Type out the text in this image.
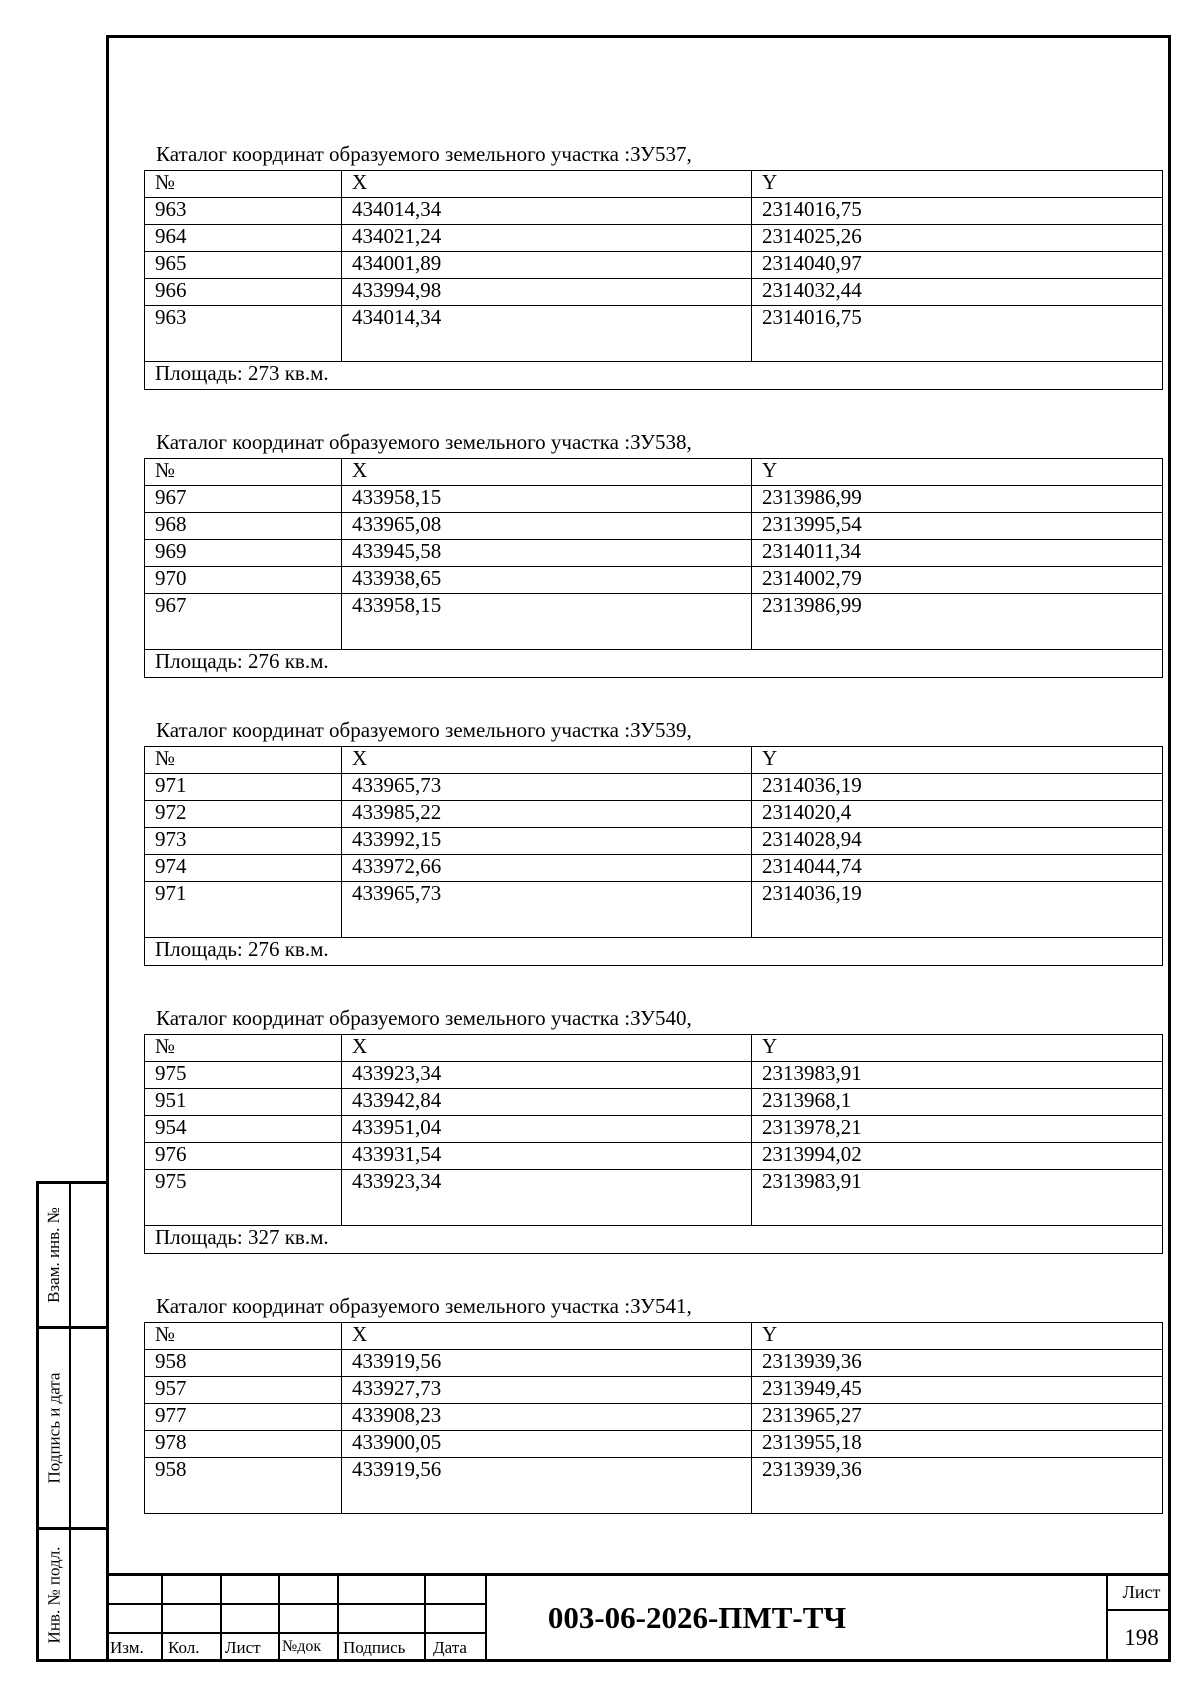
Каталог координат образуемого земельного участка :ЗУ537,
№	X	Y
963	434014,34	2314016,75
964	434021,24	2314025,26
965	434001,89	2314040,97
966	433994,98	2314032,44
963	434014,34	2314016,75
Площадь: 273 кв.м.		
Каталог координат образуемого земельного участка :ЗУ538,
№	X	Y
967	433958,15	2313986,99
968	433965,08	2313995,54
969	433945,58	2314011,34
970	433938,65	2314002,79
967	433958,15	2313986,99
Площадь: 276 кв.м.		
Каталог координат образуемого земельного участка :ЗУ539,
№	X	Y
971	433965,73	2314036,19
972	433985,22	2314020,4
973	433992,15	2314028,94
974	433972,66	2314044,74
971	433965,73	2314036,19
Площадь: 276 кв.м.		
Каталог координат образуемого земельного участка :ЗУ540,
№	X	Y
975	433923,34	2313983,91
951	433942,84	2313968,1
954	433951,04	2313978,21
976	433931,54	2313994,02
975	433923,34	2313983,91
Площадь: 327 кв.м.		
Каталог координат образуемого земельного участка :ЗУ541,
№	X	Y
958	433919,56	2313939,36
957	433927,73	2313949,45
977	433908,23	2313965,27
978	433900,05	2313955,18
958	433919,56	2313939,36
Взам. инв. №
Подпись и дата
Инв. № подл.
Изм. Кол. Лист №док Подпись Дата
003-06-2026-ПМТ-ТЧ
Лист
198
